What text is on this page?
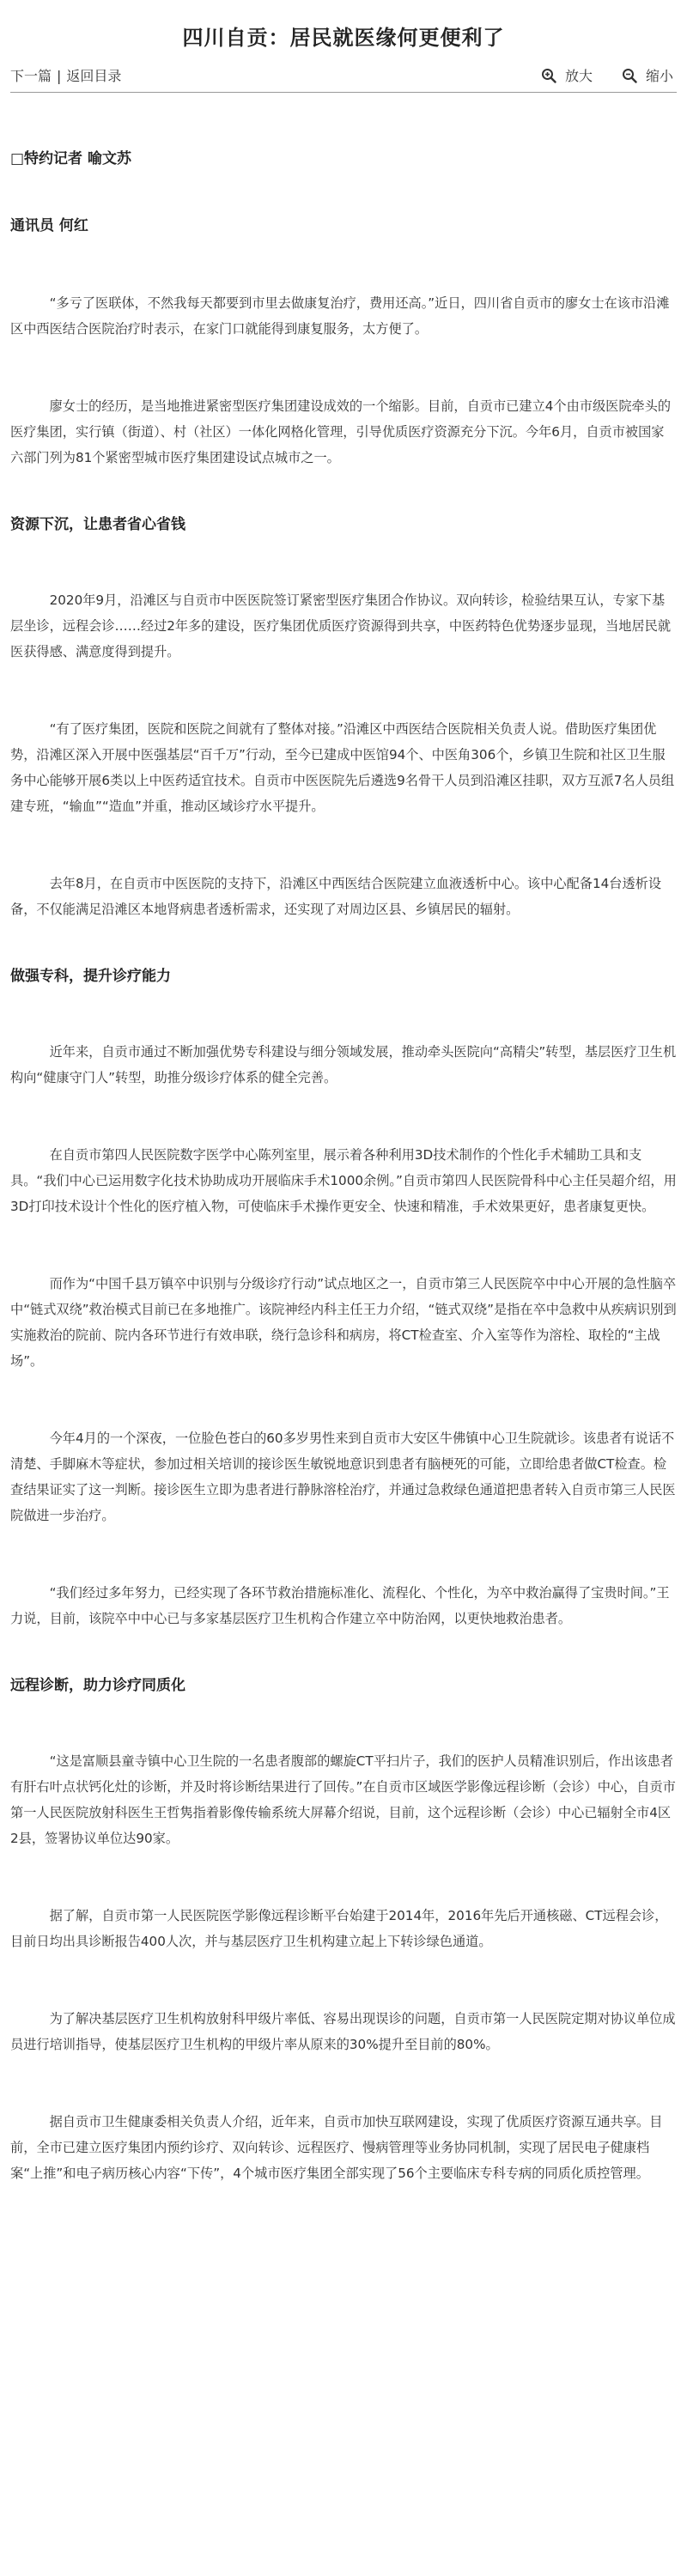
四川自贡：居民就医缘何更便利了
下一篇 | 返回目录	放大	缩小
□特约记者 喻文苏
通讯员 何红

“多亏了医联体，不然我每天都要到市里去做康复治疗，费用还高。”近日，四川省自贡市的廖女士在该市沿滩区中西医结合医院治疗时表示，在家门口就能得到康复服务，太方便了。

廖女士的经历，是当地推进紧密型医疗集团建设成效的一个缩影。目前，自贡市已建立4个由市级医院牵头的医疗集团，实行镇（街道）、村（社区）一体化网格化管理，引导优质医疗资源充分下沉。今年6月，自贡市被国家六部门列为81个紧密型城市医疗集团建设试点城市之一。

资源下沉，让患者省心省钱

2020年9月，沿滩区与自贡市中医医院签订紧密型医疗集团合作协议。双向转诊，检验结果互认，专家下基层坐诊，远程会诊……经过2年多的建设，医疗集团优质医疗资源得到共享，中医药特色优势逐步显现，当地居民就医获得感、满意度得到提升。

“有了医疗集团，医院和医院之间就有了整体对接。”沿滩区中西医结合医院相关负责人说。借助医疗集团优势，沿滩区深入开展中医强基层“百千万”行动，至今已建成中医馆94个、中医角306个，乡镇卫生院和社区卫生服务中心能够开展6类以上中医药适宜技术。自贡市中医医院先后遴选9名骨干人员到沿滩区挂职，双方互派7名人员组建专班，“输血”“造血”并重，推动区域诊疗水平提升。

去年8月，在自贡市中医医院的支持下，沿滩区中西医结合医院建立血液透析中心。该中心配备14台透析设备，不仅能满足沿滩区本地肾病患者透析需求，还实现了对周边区县、乡镇居民的辐射。

做强专科，提升诊疗能力

近年来，自贡市通过不断加强优势专科建设与细分领域发展，推动牵头医院向“高精尖”转型，基层医疗卫生机构向“健康守门人”转型，助推分级诊疗体系的健全完善。

在自贡市第四人民医院数字医学中心陈列室里，展示着各种利用3D技术制作的个性化手术辅助工具和支具。“我们中心已运用数字化技术协助成功开展临床手术1000余例。”自贡市第四人民医院骨科中心主任吴超介绍，用3D打印技术设计个性化的医疗植入物，可使临床手术操作更安全、快速和精准，手术效果更好，患者康复更快。

而作为“中国千县万镇卒中识别与分级诊疗行动”试点地区之一，自贡市第三人民医院卒中中心开展的急性脑卒中“链式双绕”救治模式目前已在多地推广。该院神经内科主任王力介绍，“链式双绕”是指在卒中急救中从疾病识别到实施救治的院前、院内各环节进行有效串联，绕行急诊科和病房，将CT检查室、介入室等作为溶栓、取栓的“主战场”。

今年4月的一个深夜，一位脸色苍白的60多岁男性来到自贡市大安区牛佛镇中心卫生院就诊。该患者有说话不清楚、手脚麻木等症状，参加过相关培训的接诊医生敏锐地意识到患者有脑梗死的可能，立即给患者做CT检查。检查结果证实了这一判断。接诊医生立即为患者进行静脉溶栓治疗，并通过急救绿色通道把患者转入自贡市第三人民医院做进一步治疗。

“我们经过多年努力，已经实现了各环节救治措施标准化、流程化、个性化，为卒中救治赢得了宝贵时间。”王力说，目前，该院卒中中心已与多家基层医疗卫生机构合作建立卒中防治网，以更快地救治患者。

远程诊断，助力诊疗同质化

“这是富顺县童寺镇中心卫生院的一名患者腹部的螺旋CT平扫片子，我们的医护人员精准识别后，作出该患者有肝右叶点状钙化灶的诊断，并及时将诊断结果进行了回传。”在自贡市区域医学影像远程诊断（会诊）中心，自贡市第一人民医院放射科医生王哲隽指着影像传输系统大屏幕介绍说，目前，这个远程诊断（会诊）中心已辐射全市4区2县，签署协议单位达90家。

据了解，自贡市第一人民医院医学影像远程诊断平台始建于2014年，2016年先后开通核磁、CT远程会诊，目前日均出具诊断报告400人次，并与基层医疗卫生机构建立起上下转诊绿色通道。

为了解决基层医疗卫生机构放射科甲级片率低、容易出现误诊的问题，自贡市第一人民医院定期对协议单位成员进行培训指导，使基层医疗卫生机构的甲级片率从原来的30%提升至目前的80%。

据自贡市卫生健康委相关负责人介绍，近年来，自贡市加快互联网建设，实现了优质医疗资源互通共享。目前，全市已建立医疗集团内预约诊疗、双向转诊、远程医疗、慢病管理等业务协同机制，实现了居民电子健康档案“上推”和电子病历核心内容“下传”，4个城市医疗集团全部实现了56个主要临床专科专病的同质化质控管理。
